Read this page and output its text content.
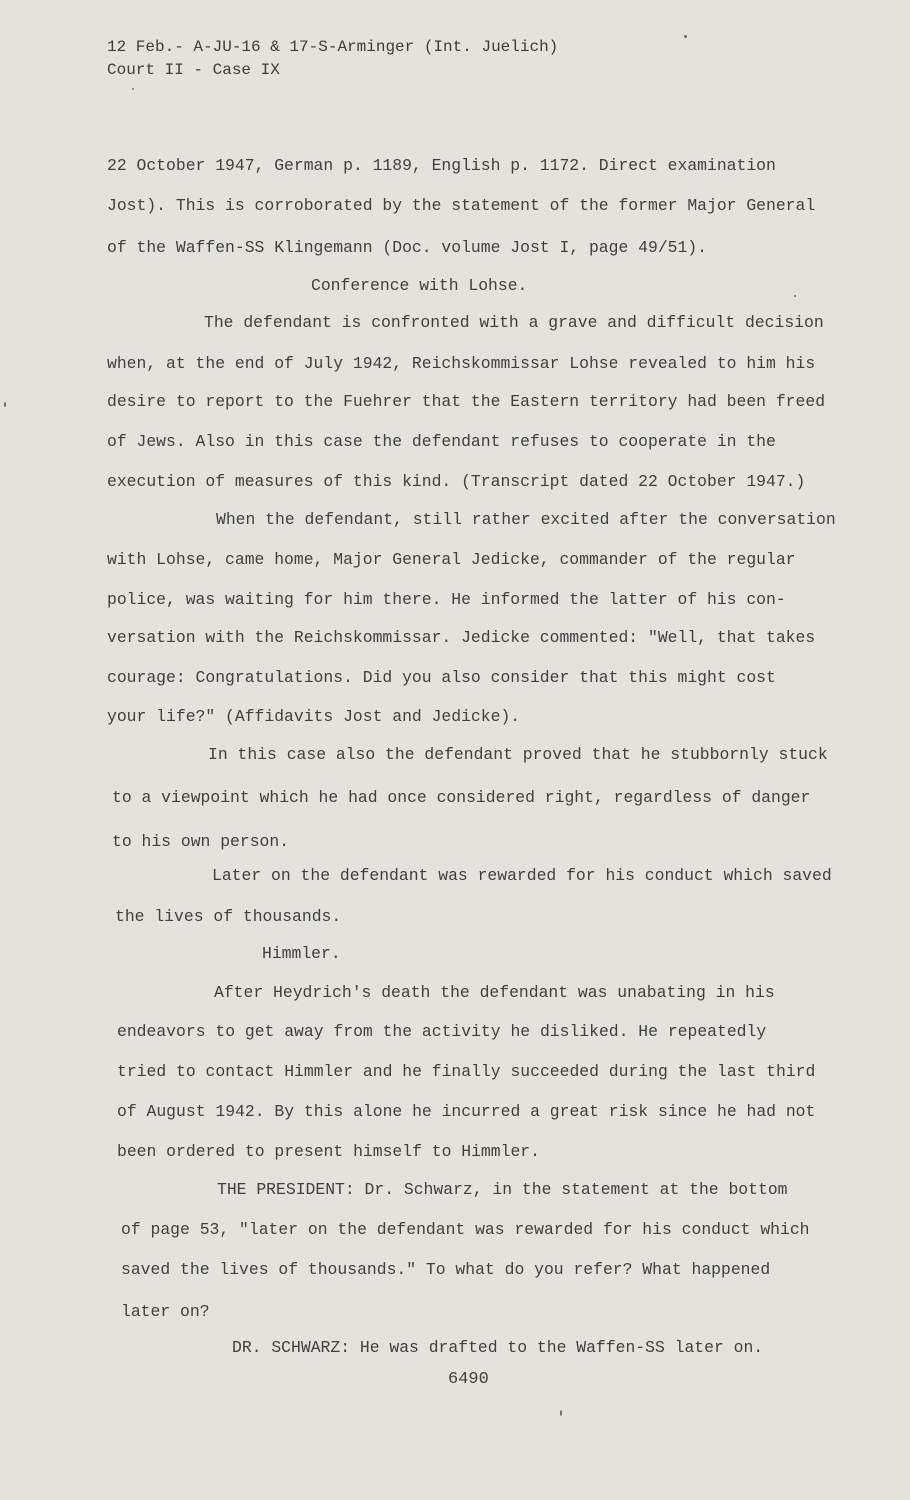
12 Feb.- A-JU-16 & 17-S-Arminger (Int. Juelich)
Court II - Case IX
22 October 1947, German p. 1189, English p. 1172. Direct examination
Jost). This is corroborated by the statement of the former Major General
of the Waffen-SS Klingemann (Doc. volume Jost I, page 49/51).
Conference with Lohse.
The defendant is confronted with a grave and difficult decision
when, at the end of July 1942, Reichskommissar Lohse revealed to him his
desire to report to the Fuehrer that the Eastern territory had been freed
of Jews. Also in this case the defendant refuses to cooperate in the
execution of measures of this kind. (Transcript dated 22 October 1947.)
When the defendant, still rather excited after the conversation
with Lohse, came home, Major General Jedicke, commander of the regular
police, was waiting for him there. He informed the latter of his con-
versation with the Reichskommissar. Jedicke commented: "Well, that takes
courage: Congratulations. Did you also consider that this might cost
your life?" (Affidavits Jost and Jedicke).
In this case also the defendant proved that he stubbornly stuck
to a viewpoint which he had once considered right, regardless of danger
to his own person.
Later on the defendant was rewarded for his conduct which saved
the lives of thousands.
Himmler.
After Heydrich's death the defendant was unabating in his
endeavors to get away from the activity he disliked. He repeatedly
tried to contact Himmler and he finally succeeded during the last third
of August 1942. By this alone he incurred a great risk since he had not
been ordered to present himself to Himmler.
THE PRESIDENT: Dr. Schwarz, in the statement at the bottom
of page 53, "later on the defendant was rewarded for his conduct which
saved the lives of thousands." To what do you refer? What happened
later on?
DR. SCHWARZ: He was drafted to the Waffen-SS later on.
6490
